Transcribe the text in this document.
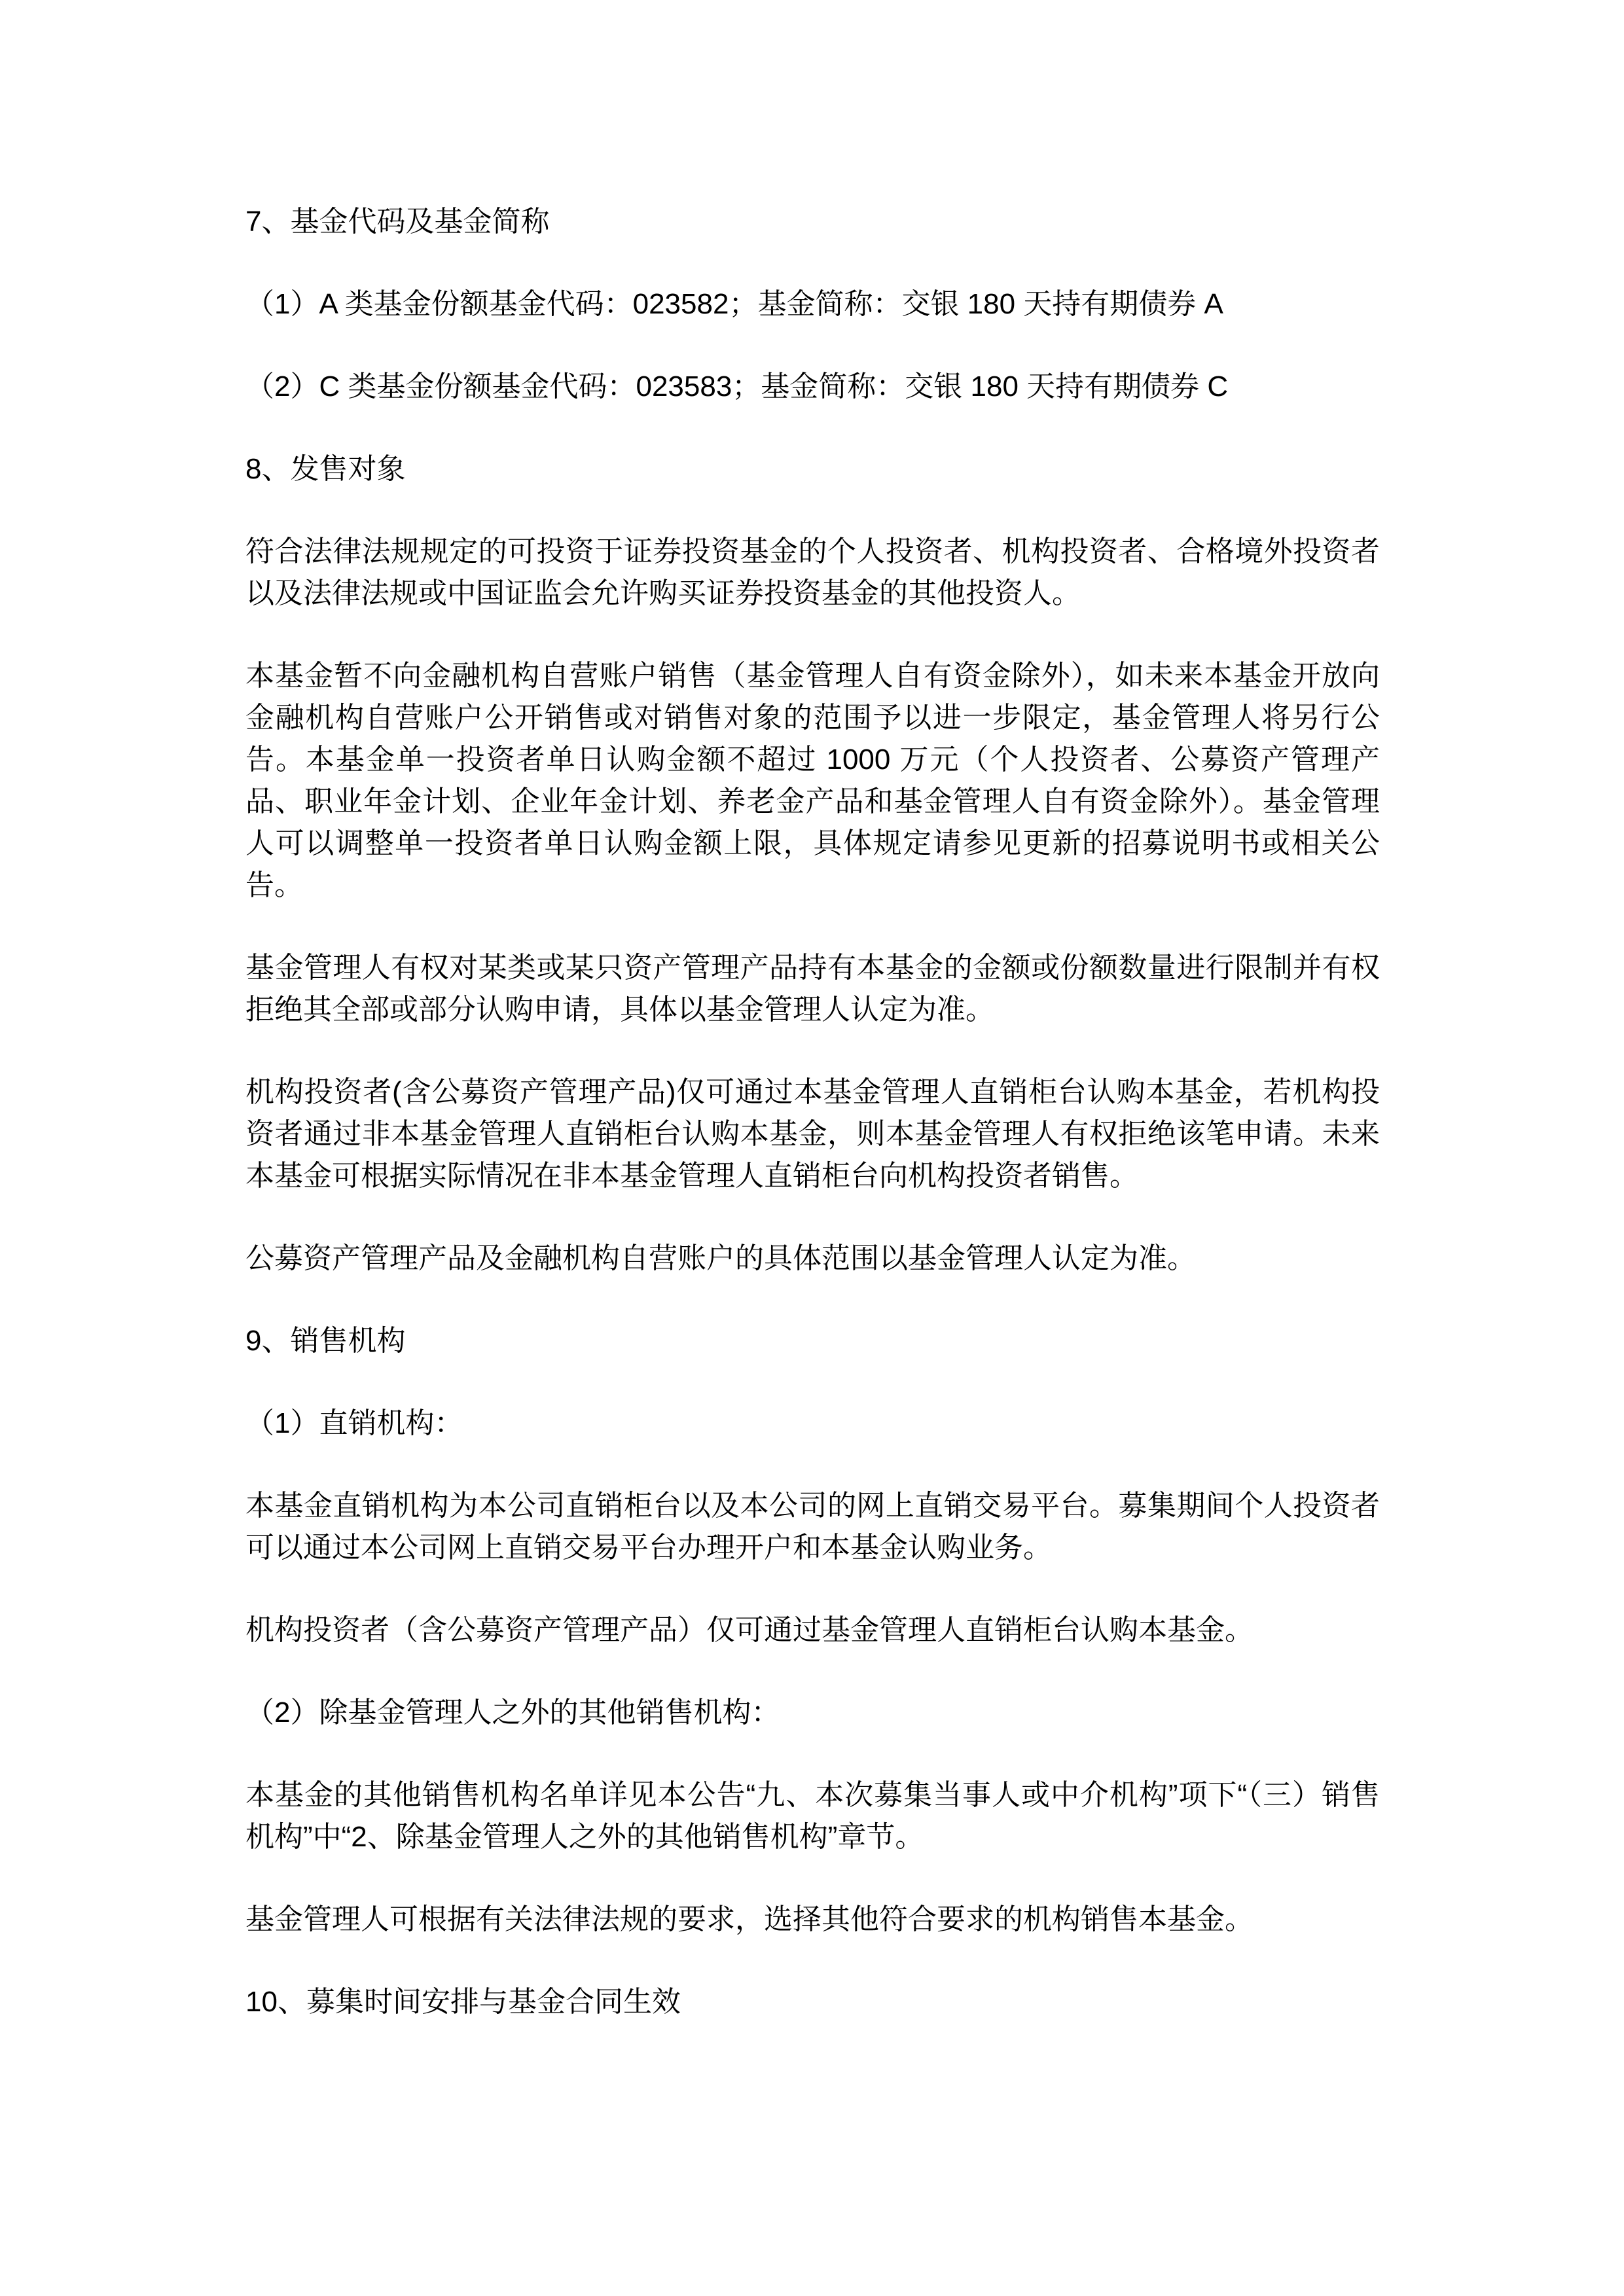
7、基金代码及基金简称

（1）A 类基金份额基金代码：023582；基金简称：交银 180 天持有期债券 A

（2）C 类基金份额基金代码：023583；基金简称：交银 180 天持有期债券 C

8、发售对象

符合法律法规规定的可投资于证券投资基金的个人投资者、机构投资者、合格境外投资者以及法律法规或中国证监会允许购买证券投资基金的其他投资人。

本基金暂不向金融机构自营账户销售（基金管理人自有资金除外），如未来本基金开放向金融机构自营账户公开销售或对销售对象的范围予以进一步限定，基金管理人将另行公告。本基金单一投资者单日认购金额不超过 1000 万元（个人投资者、公募资产管理产品、职业年金计划、企业年金计划、养老金产品和基金管理人自有资金除外）。基金管理人可以调整单一投资者单日认购金额上限，具体规定请参见更新的招募说明书或相关公告。

基金管理人有权对某类或某只资产管理产品持有本基金的金额或份额数量进行限制并有权拒绝其全部或部分认购申请，具体以基金管理人认定为准。

机构投资者(含公募资产管理产品)仅可通过本基金管理人直销柜台认购本基金，若机构投资者通过非本基金管理人直销柜台认购本基金，则本基金管理人有权拒绝该笔申请。未来本基金可根据实际情况在非本基金管理人直销柜台向机构投资者销售。

公募资产管理产品及金融机构自营账户的具体范围以基金管理人认定为准。

9、销售机构

（1）直销机构：

本基金直销机构为本公司直销柜台以及本公司的网上直销交易平台。募集期间个人投资者可以通过本公司网上直销交易平台办理开户和本基金认购业务。

机构投资者（含公募资产管理产品）仅可通过基金管理人直销柜台认购本基金。

（2）除基金管理人之外的其他销售机构：

本基金的其他销售机构名单详见本公告“九、本次募集当事人或中介机构”项下“（三）销售机构”中“2、除基金管理人之外的其他销售机构”章节。

基金管理人可根据有关法律法规的要求，选择其他符合要求的机构销售本基金。

10、募集时间安排与基金合同生效
